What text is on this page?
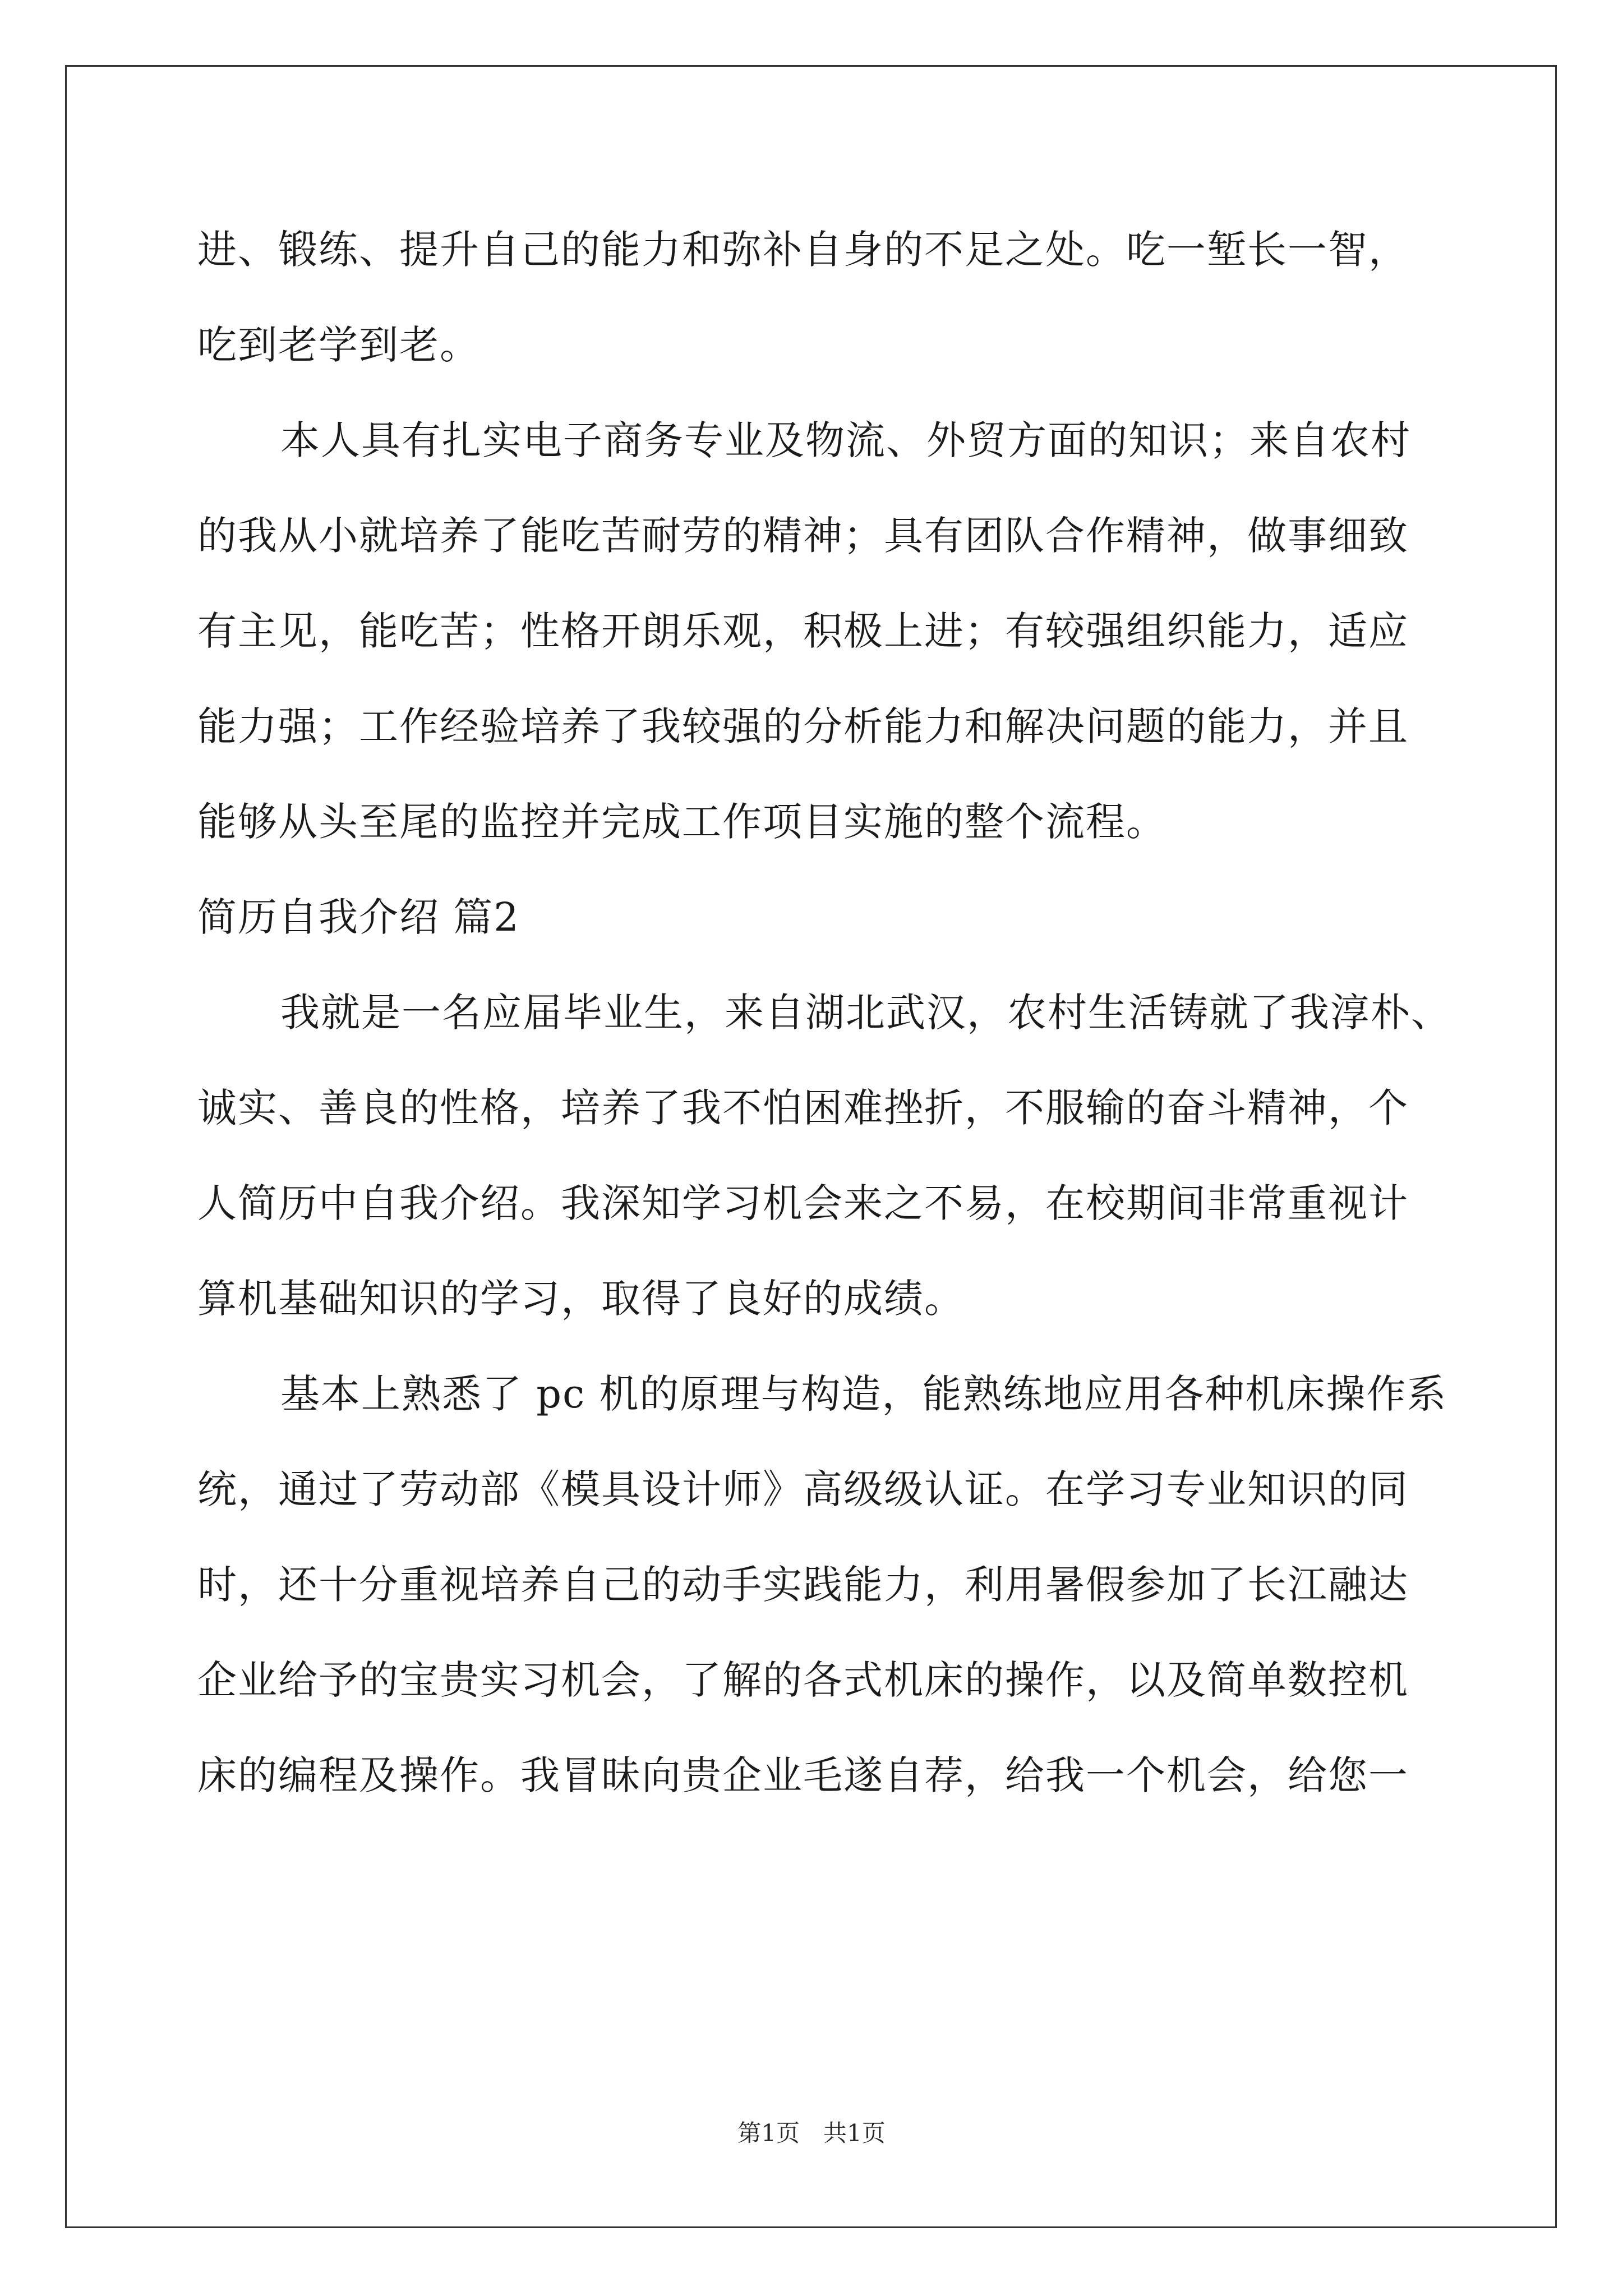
进、锻练、提升自己的能力和弥补自身的不足之处。吃一堑长一智，
吃到老学到老。
本人具有扎实电子商务专业及物流、外贸方面的知识；来自农村
的我从小就培养了能吃苦耐劳的精神；具有团队合作精神，做事细致
有主见，能吃苦；性格开朗乐观，积极上进；有较强组织能力，适应
能力强；工作经验培养了我较强的分析能力和解决问题的能力，并且
能够从头至尾的监控并完成工作项目实施的整个流程。
简历自我介绍 篇2
我就是一名应届毕业生，来自湖北武汉，农村生活铸就了我淳朴、
诚实、善良的性格，培养了我不怕困难挫折，不服输的奋斗精神，个
人简历中自我介绍。我深知学习机会来之不易，在校期间非常重视计
算机基础知识的学习，取得了良好的成绩。
基本上熟悉了 pc 机的原理与构造，能熟练地应用各种机床操作系
统，通过了劳动部《模具设计师》高级级认证。在学习专业知识的同
时，还十分重视培养自己的动手实践能力，利用暑假参加了长江融达
企业给予的宝贵实习机会，了解的各式机床的操作，以及简单数控机
床的编程及操作。我冒昧向贵企业毛遂自荐，给我一个机会，给您一
第1页　共1页
